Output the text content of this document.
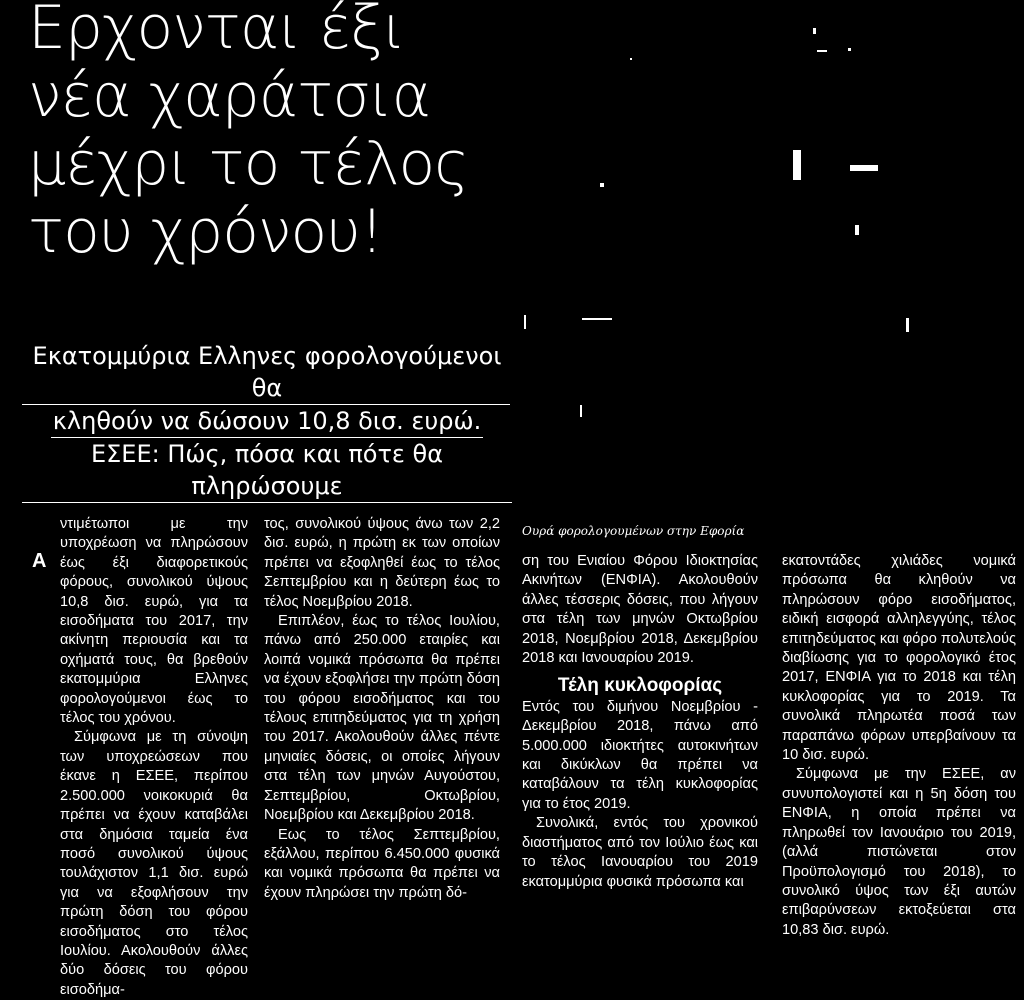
Ερχονται έξι
νέα χαράτσια
μέχρι το τέλος
του χρόνου!
Εκατομμύρια Ελληνες φορολογούμενοι θα
κληθούν να δώσουν 10,8 δισ. ευρώ.
ΕΣΕΕ: Πώς, πόσα και πότε θα πληρώσουμε
Α

ντιμέτωποι με την υποχρέωση να πληρώσουν έως έξι διαφορετικούς φόρους, συνολικού ύψους 10,8 δισ. ευρώ, για τα εισοδήματα του 2017, την ακίνητη περιουσία και τα οχήματά τους, θα βρεθούν εκατομμύρια Ελληνες φορολογούμενοι έως το τέλος του χρόνου.

Σύμφωνα με τη σύνοψη των υποχρεώσεων που έκανε η ΕΣΕΕ, περίπου 2.500.000 νοικοκυριά θα πρέπει να έχουν καταβάλει στα δημόσια ταμεία ένα ποσό συνολικού ύψους τουλάχιστον 1,1 δισ. ευρώ για να εξοφλήσουν την πρώτη δόση του φόρου εισοδήματος στο τέλος Ιουλίου. Ακολουθούν άλλες δύο δόσεις του φόρου εισοδήμα-

τος, συνολικού ύψους άνω των 2,2 δισ. ευρώ, η πρώτη εκ των οποίων πρέπει να εξοφληθεί έως το τέλος Σεπτεμβρίου και η δεύτερη έως το τέλος Νοεμβρίου 2018.

Επιπλέον, έως το τέλος Ιουλίου, πάνω από 250.000 εταιρίες και λοιπά νομικά πρόσωπα θα πρέπει να έχουν εξοφλήσει την πρώτη δόση του φόρου εισοδήματος και του τέλους επιτηδεύματος για τη χρήση του 2017. Ακολουθούν άλλες πέντε μηνιαίες δόσεις, οι οποίες λήγουν στα τέλη των μηνών Αυγούστου, Σεπτεμβρίου, Οκτωβρίου, Νοεμβρίου και Δεκεμβρίου 2018.

Εως το τέλος Σεπτεμβρίου, εξάλλου, περίπου 6.450.000 φυσικά και νομικά πρόσωπα θα πρέπει να έχουν πληρώσει την πρώτη δό-

Ουρά φορολογουμένων στην Εφορία

ση του Ενιαίου Φόρου Ιδιοκτησίας Ακινήτων (ΕΝΦΙΑ). Ακολουθούν άλλες τέσσερις δόσεις, που λήγουν στα τέλη των μηνών Οκτωβρίου 2018, Νοεμβρίου 2018, Δεκεμβρίου 2018 και Ιανουαρίου 2019.

Τέλη κυκλοφορίας

Εντός του διμήνου Νοεμβρίου - Δεκεμβρίου 2018, πάνω από 5.000.000 ιδιοκτήτες αυτοκινήτων και δικύκλων θα πρέπει να καταβάλουν τα τέλη κυκλοφορίας για το έτος 2019.

Συνολικά, εντός του χρονικού διαστήματος από τον Ιούλιο έως και το τέλος Ιανουαρίου του 2019 εκατομμύρια φυσικά πρόσωπα και

εκατοντάδες χιλιάδες νομικά πρόσωπα θα κληθούν να πληρώσουν φόρο εισοδήματος, ειδική εισφορά αλληλεγγύης, τέλος επιτηδεύματος και φόρο πολυτελούς διαβίωσης για το φορολογικό έτος 2017, ΕΝΦΙΑ για το 2018 και τέλη κυκλοφορίας για το 2019. Τα συνολικά πληρωτέα ποσά των παραπάνω φόρων υπερβαίνουν τα 10 δισ. ευρώ.

Σύμφωνα με την ΕΣΕΕ, αν συνυπολογιστεί και η 5η δόση του ΕΝΦΙΑ, η οποία πρέπει να πληρωθεί τον Ιανουάριο του 2019, (αλλά πιστώνεται στον Προϋπολογισμό του 2018), το συνολικό ύψος των έξι αυτών επιβαρύνσεων εκτοξεύεται στα 10,83 δισ. ευρώ.
